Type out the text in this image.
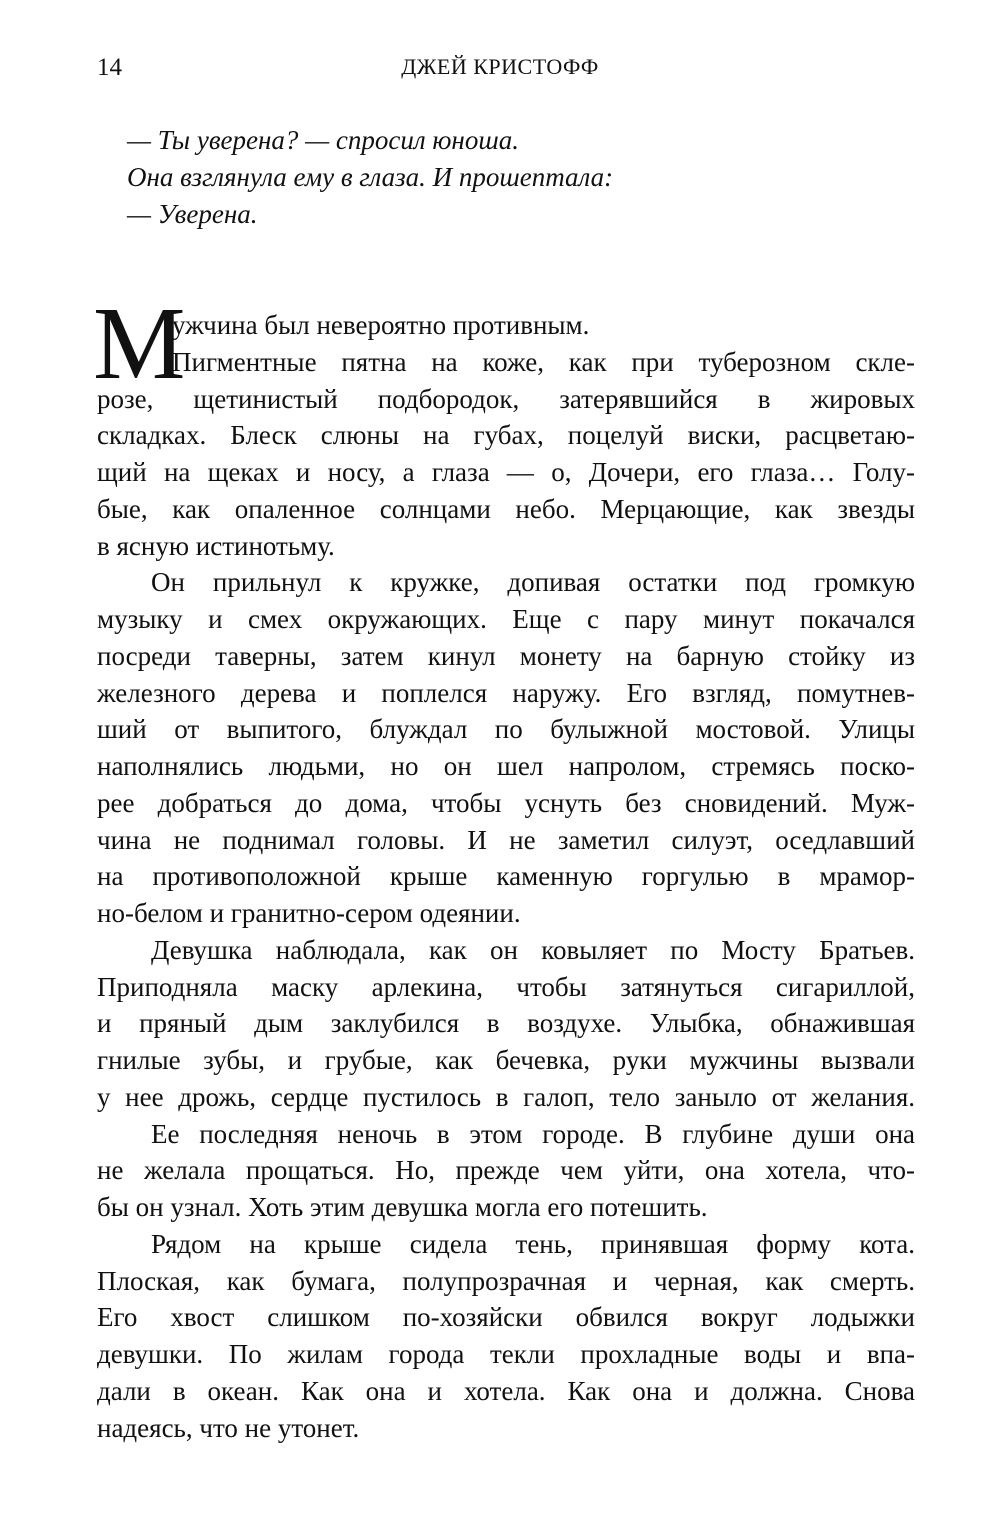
14	ДЖЕЙ КРИСТОФФ
— Ты уверена? — спросил юноша.
Она взглянула ему в глаза. И прошептала:
— Уверена.
М
ужчина был невероятно противным.
Пигментные пятна на коже, как при туберозном скле-
розе, щетинистый подбородок, затерявшийся в жировых
складках. Блеск слюны на губах, поцелуй виски, расцветаю-
щий на щеках и носу, а глаза — о, Дочери, его глаза… Голу-
бые, как опаленное солнцами небо. Мерцающие, как звезды
в ясную истинотьму.
Он прильнул к кружке, допивая остатки под громкую
музыку и смех окружающих. Еще с пару минут покачался
посреди таверны, затем кинул монету на барную стойку из
железного дерева и поплелся наружу. Его взгляд, помутнев-
ший от выпитого, блуждал по булыжной мостовой. Улицы
наполнялись людьми, но он шел напролом, стремясь поско-
рее добраться до дома, чтобы уснуть без сновидений. Муж-
чина не поднимал головы. И не заметил силуэт, оседлавший
на противоположной крыше каменную горгулью в мрамор-
но-белом и гранитно-сером одеянии.
Девушка наблюдала, как он ковыляет по Мосту Братьев.
Приподняла маску арлекина, чтобы затянуться сигариллой,
и пряный дым заклубился в воздухе. Улыбка, обнажившая
гнилые зубы, и грубые, как бечевка, руки мужчины вызвали
у нее дрожь, сердце пустилось в галоп, тело заныло от желания.
Ее последняя неночь в этом городе. В глубине души она
не желала прощаться. Но, прежде чем уйти, она хотела, что-
бы он узнал. Хоть этим девушка могла его потешить.
Рядом на крыше сидела тень, принявшая форму кота.
Плоская, как бумага, полупрозрачная и черная, как смерть.
Его хвост слишком по-хозяйски обвился вокруг лодыжки
девушки. По жилам города текли прохладные воды и впа-
дали в океан. Как она и хотела. Как она и должна. Снова
надеясь, что не утонет.
